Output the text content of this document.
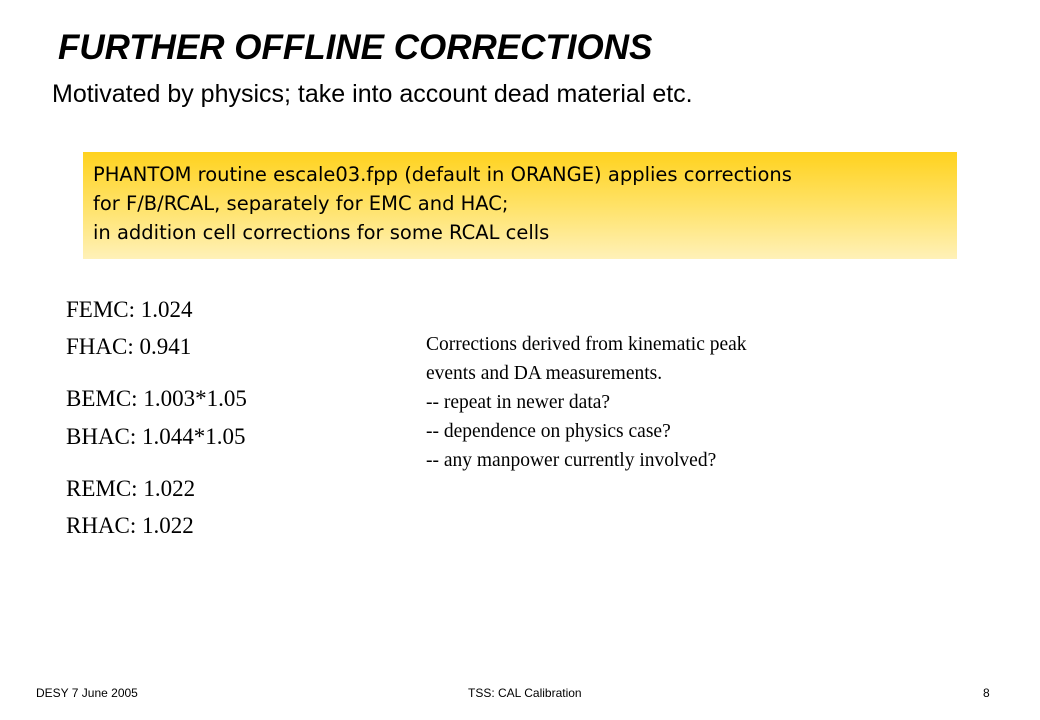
FURTHER OFFLINE CORRECTIONS
Motivated by physics; take into account dead material etc.
PHANTOM routine escale03.fpp (default in ORANGE) applies corrections
for F/B/RCAL, separately for EMC and HAC;
in addition cell corrections for some RCAL cells
FEMC: 1.024
FHAC: 0.941
BEMC: 1.003*1.05
BHAC: 1.044*1.05
REMC: 1.022
RHAC: 1.022
Corrections derived from kinematic peak
events and DA measurements.
-- repeat in newer data?
-- dependence on physics case?
-- any manpower currently involved?
DESY 7 June 2005	TSS: CAL Calibration	8
